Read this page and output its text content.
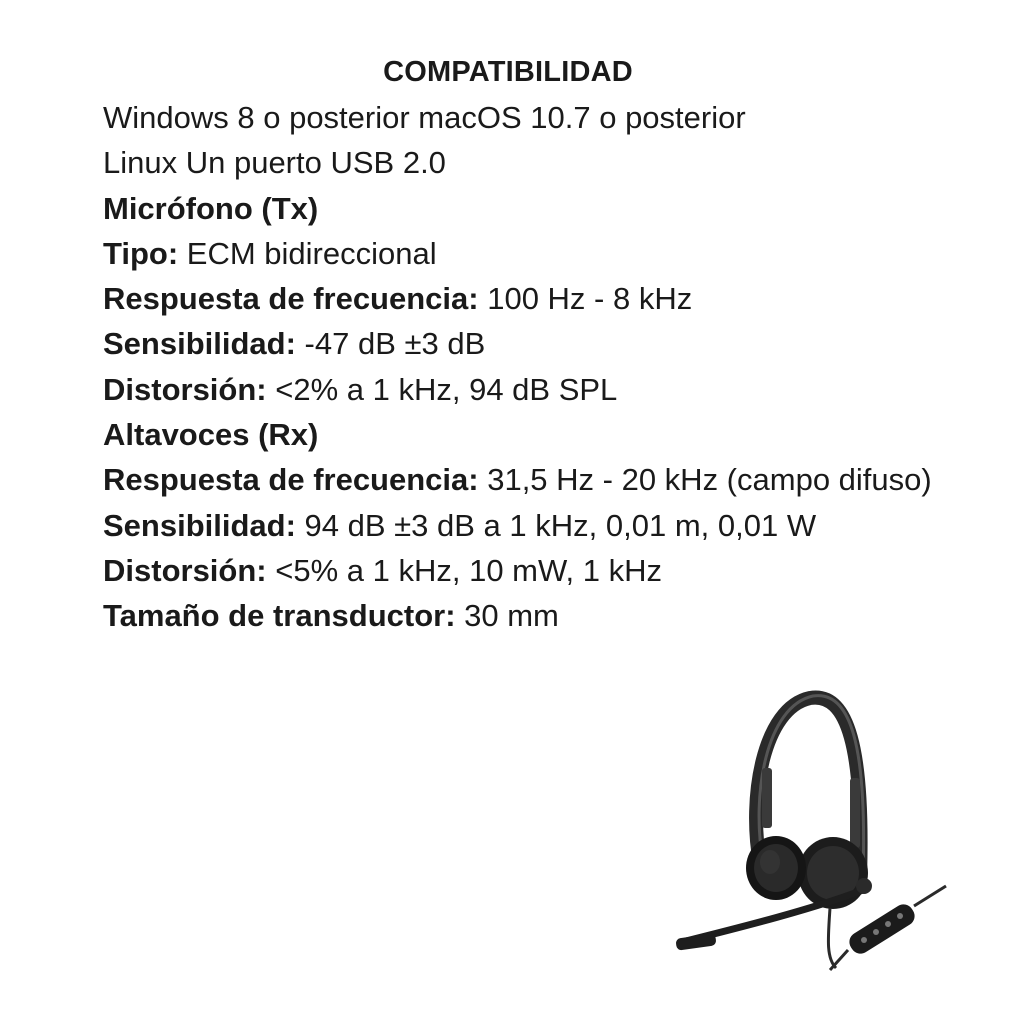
COMPATIBILIDAD

Windows 8 o posterior macOS 10.7 o posterior

Linux Un puerto USB 2.0

Micrófono (Tx)

Tipo: ECM bidireccional

Respuesta de frecuencia: 100 Hz - 8 kHz

Sensibilidad: -47 dB ±3 dB

Distorsión: <2% a 1 kHz, 94 dB SPL

Altavoces (Rx)

Respuesta de frecuencia: 31,5 Hz - 20 kHz (campo difuso)

Sensibilidad: 94 dB ±3 dB a 1 kHz, 0,01 m, 0,01 W

Distorsión: <5% a 1 kHz, 10 mW, 1 kHz

Tamaño de transductor: 30 mm
